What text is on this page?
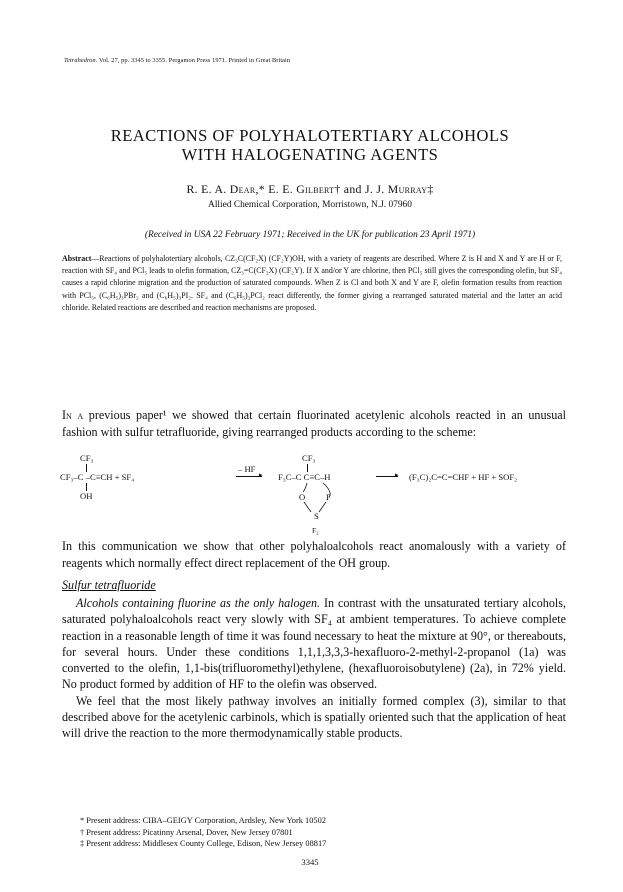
Tetrahedron. Vol. 27, pp. 3345 to 3355. Pergamon Press 1971. Printed in Great Britain
REACTIONS OF POLYHALOTERTIARY ALCOHOLS
WITH HALOGENATING AGENTS
R. E. A. Dear,* E. E. Gilbert† and J. J. Murray‡
Allied Chemical Corporation, Morristown, N.J. 07960
(Received in USA 22 February 1971; Received in the UK for publication 23 April 1971)
Abstract—Reactions of polyhalotertiary alcohols, CZ₃C(CF₂X) (CF₂Y)OH, with a variety of reagents are described. Where Z is H and X and Y are H or F, reaction with SF₄ and PCl₅ leads to olefin formation, CZ₃=C(CF₂X) (CF₂Y). If X and/or Y are chlorine, then PCl₅ still gives the corresponding olefin, but SF₄ causes a rapid chlorine migration and the production of saturated compounds. When Z is Cl and both X and Y are F, olefin formation results from reaction with PCl₅, (C₆H₅)₃PBr₂ and (C₆H₅)₃PI₂. SF₄ and (C₆H₅)₃PCl₂ react differently, the former giving a rearranged saturated material and the latter an acid chloride. Related reactions are described and reaction mechanisms are proposed.
In a previous paper¹ we showed that certain fluorinated acetylenic alcohols reacted in an unusual fashion with sulfur tetrafluoride, giving rearranged products according to the scheme:
CF₃
CF₃–C –C≡CH + SF₄
OH
– HF
▸
CF₃
F₃C–C C≡C–H
O F
S
F₂
▸ (F₃C)₂C=C=CHF + HF + SOF₂
In this communication we show that other polyhaloalcohols react anomalously with a variety of reagents which normally effect direct replacement of the OH group.
Sulfur tetrafluoride

Alcohols containing fluorine as the only halogen. In contrast with the unsaturated tertiary alcohols, saturated polyhaloalcohols react very slowly with SF₄ at ambient temperatures. To achieve complete reaction in a reasonable length of time it was found necessary to heat the mixture at 90°, or thereabouts, for several hours. Under these conditions 1,1,1,3,3,3-hexafluoro-2-methyl-2-propanol (1a) was converted to the olefin, 1,1-bis(trifluoromethyl)ethylene, (hexafluoroisobutylene) (2a), in 72% yield. No product formed by addition of HF to the olefin was observed.

We feel that the most likely pathway involves an initially formed complex (3), similar to that described above for the acetylenic carbinols, which is spatially oriented such that the application of heat will drive the reaction to the more thermodynamically stable products.

* Present address: CIBA–GEIGY Corporation, Ardsley, New York 10502
† Present address: Picatinny Arsenal, Dover, New Jersey 07801
‡ Present address: Middlesex County College, Edison, New Jersey 08817
3345
